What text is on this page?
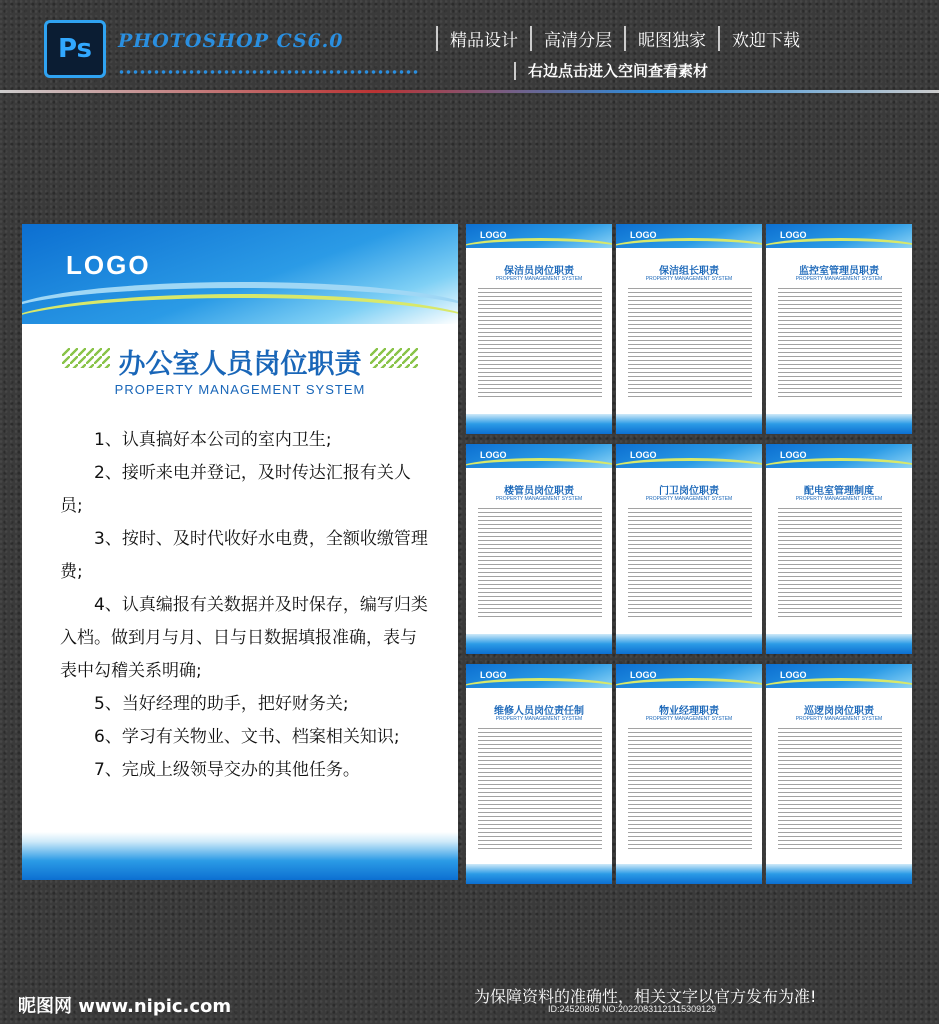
Ps	PHOTOSHOP CS6.0	精品设计	高清分层	昵图独家	欢迎下载
右边点击进入空间查看素材
LOGO
办公室人员岗位职责
PROPERTY MANAGEMENT SYSTEM

1、认真搞好本公司的室内卫生;

2、接听来电并登记，及时传达汇报有关人员;

3、按时、及时代收好水电费，全额收缴管理费;

4、认真编报有关数据并及时保存，编写归类入档。做到月与月、日与日数据填报准确，表与表中勾稽关系明确;

5、当好经理的助手，把好财务关;

6、学习有关物业、文书、档案相关知识;

7、完成上级领导交办的其他任务。

LOGO
保洁员岗位职责
PROPERTY MANAGEMENT SYSTEM
LOGO
保洁组长职责
PROPERTY MANAGEMENT SYSTEM
LOGO
监控室管理员职责
PROPERTY MANAGEMENT SYSTEM
LOGO
楼管员岗位职责
PROPERTY MANAGEMENT SYSTEM
LOGO
门卫岗位职责
PROPERTY MANAGEMENT SYSTEM
LOGO
配电室管理制度
PROPERTY MANAGEMENT SYSTEM
LOGO
维修人员岗位责任制
PROPERTY MANAGEMENT SYSTEM
LOGO
物业经理职责
PROPERTY MANAGEMENT SYSTEM
LOGO
巡逻岗岗位职责
PROPERTY MANAGEMENT SYSTEM
昵图网 www.nipic.com	为保障资料的准确性，相关文字以官方发布为准!
ID:24520805 NO:20220831121115309129
